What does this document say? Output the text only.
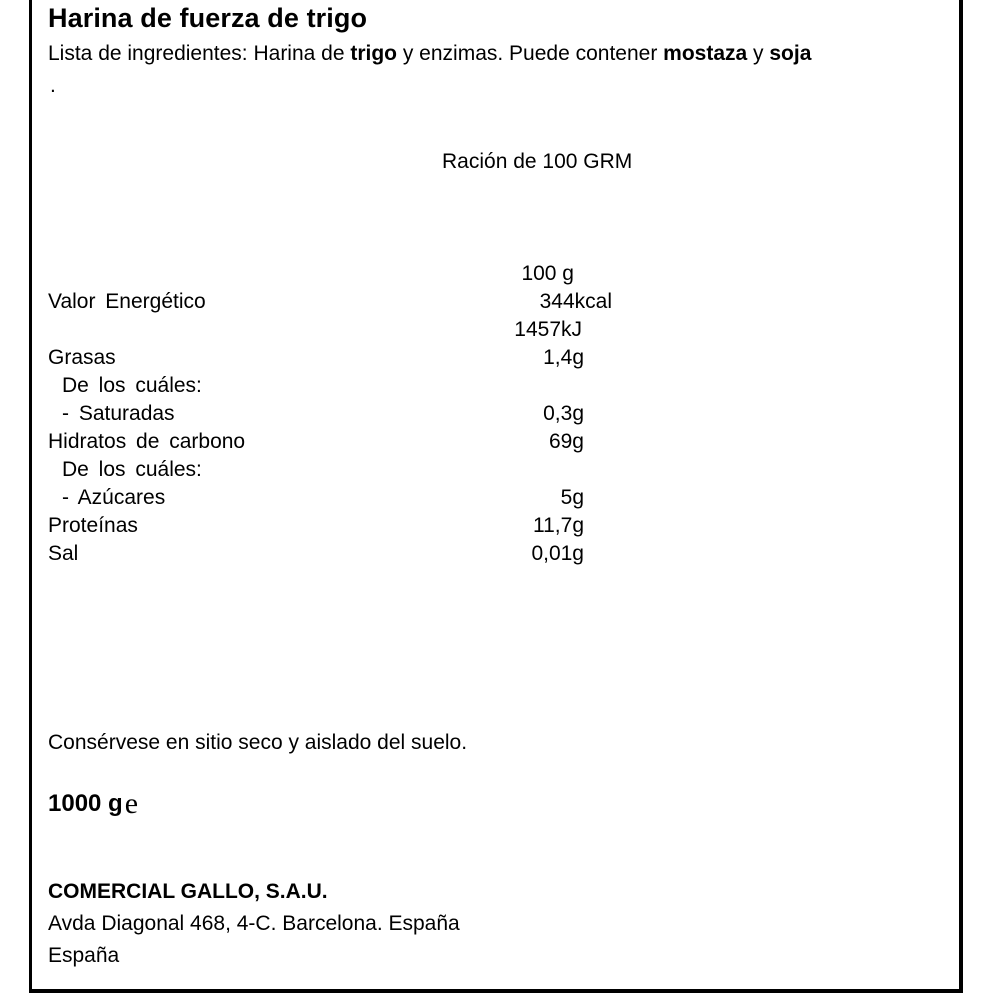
Harina de fuerza de trigo
Lista de ingredientes: Harina de trigo y enzimas. Puede contener mostaza y soja
.
Ración de 100 GRM
100 g
Valor Energético	344kcal
1457kJ
Grasas	1,4g
De los cuáles:
- Saturadas	0,3g
Hidratos de carbono	69g
De los cuáles:
- Azúcares	5g
Proteínas	11,7g
Sal	0,01g
Consérvese en sitio seco y aislado del suelo.
1000 ge
COMERCIAL GALLO, S.A.U.
Avda Diagonal 468, 4-C. Barcelona. España
España
